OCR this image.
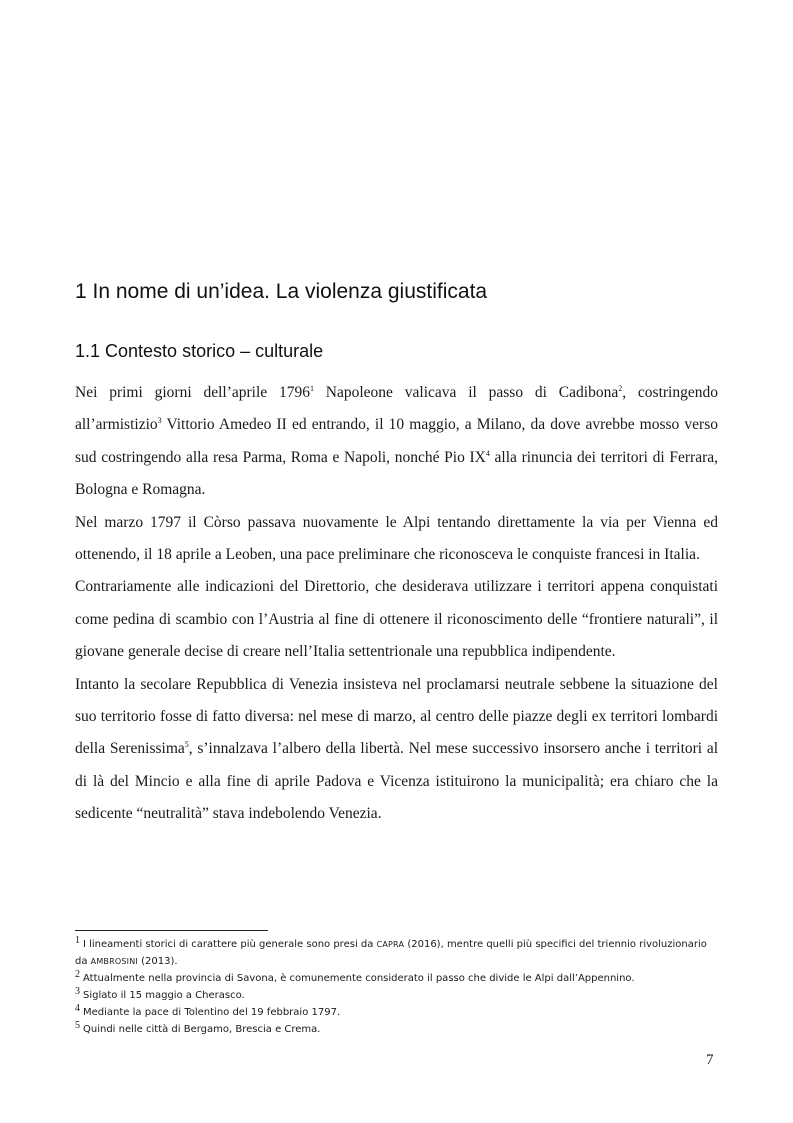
1 In nome di un’idea. La violenza giustificata
1.1 Contesto storico – culturale

Nei primi giorni dell’aprile 1796$^1$ Napoleone valicava il passo di Cadibona$^2$, costringendo all’armistizio$^3$ Vittorio Amedeo II ed entrando, il 10 maggio, a Milano, da dove avrebbe mosso verso sud costringendo alla resa Parma, Roma e Napoli, nonché Pio $IX^4$ alla rinuncia dei territori di Ferrara, Bologna e Romagna.

Nel marzo 1797 il Còrso passava nuovamente le Alpi tentando direttamente la via per Vienna ed ottenendo, il 18 aprile a Leoben, una pace preliminare che riconosceva le conquiste francesi in Italia.

Contrariamente alle indicazioni del Direttorio, che desiderava utilizzare i territori appena conquistati come pedina di scambio con l’Austria al fine di ottenere il riconoscimento delle “frontiere naturali”, il giovane generale decise di creare nell’Italia settentrionale una repubblica indipendente.

Intanto la secolare Repubblica di Venezia insisteva nel proclamarsi neutrale sebbene la situazione del suo territorio fosse di fatto diversa: nel mese di marzo, al centro delle piazze degli ex territori lombardi della Serenissima$^5$, s’innalzava l’albero della libertà. Nel mese successivo insorsero anche i territori al di là del Mincio e alla fine di aprile Padova e Vicenza istituirono la municipalità; era chiaro che la sedicente “neutralità” stava indebolendo Venezia.

$^1$ I lineamenti storici di carattere più generale sono presi da CAPRA (2016), mentre quelli più specifici del triennio rivoluzionario da AMBROSINI (2013).

$^2$ Attualmente nella provincia di Savona, è comunemente considerato il passo che divide le Alpi dall’Appennino.

$^3$ Siglato il 15 maggio a Cherasco.

$^4$ Mediante la pace di Tolentino del 19 febbraio 1797.

$^5$ Quindi nelle città di Bergamo, Brescia e Crema.

7
